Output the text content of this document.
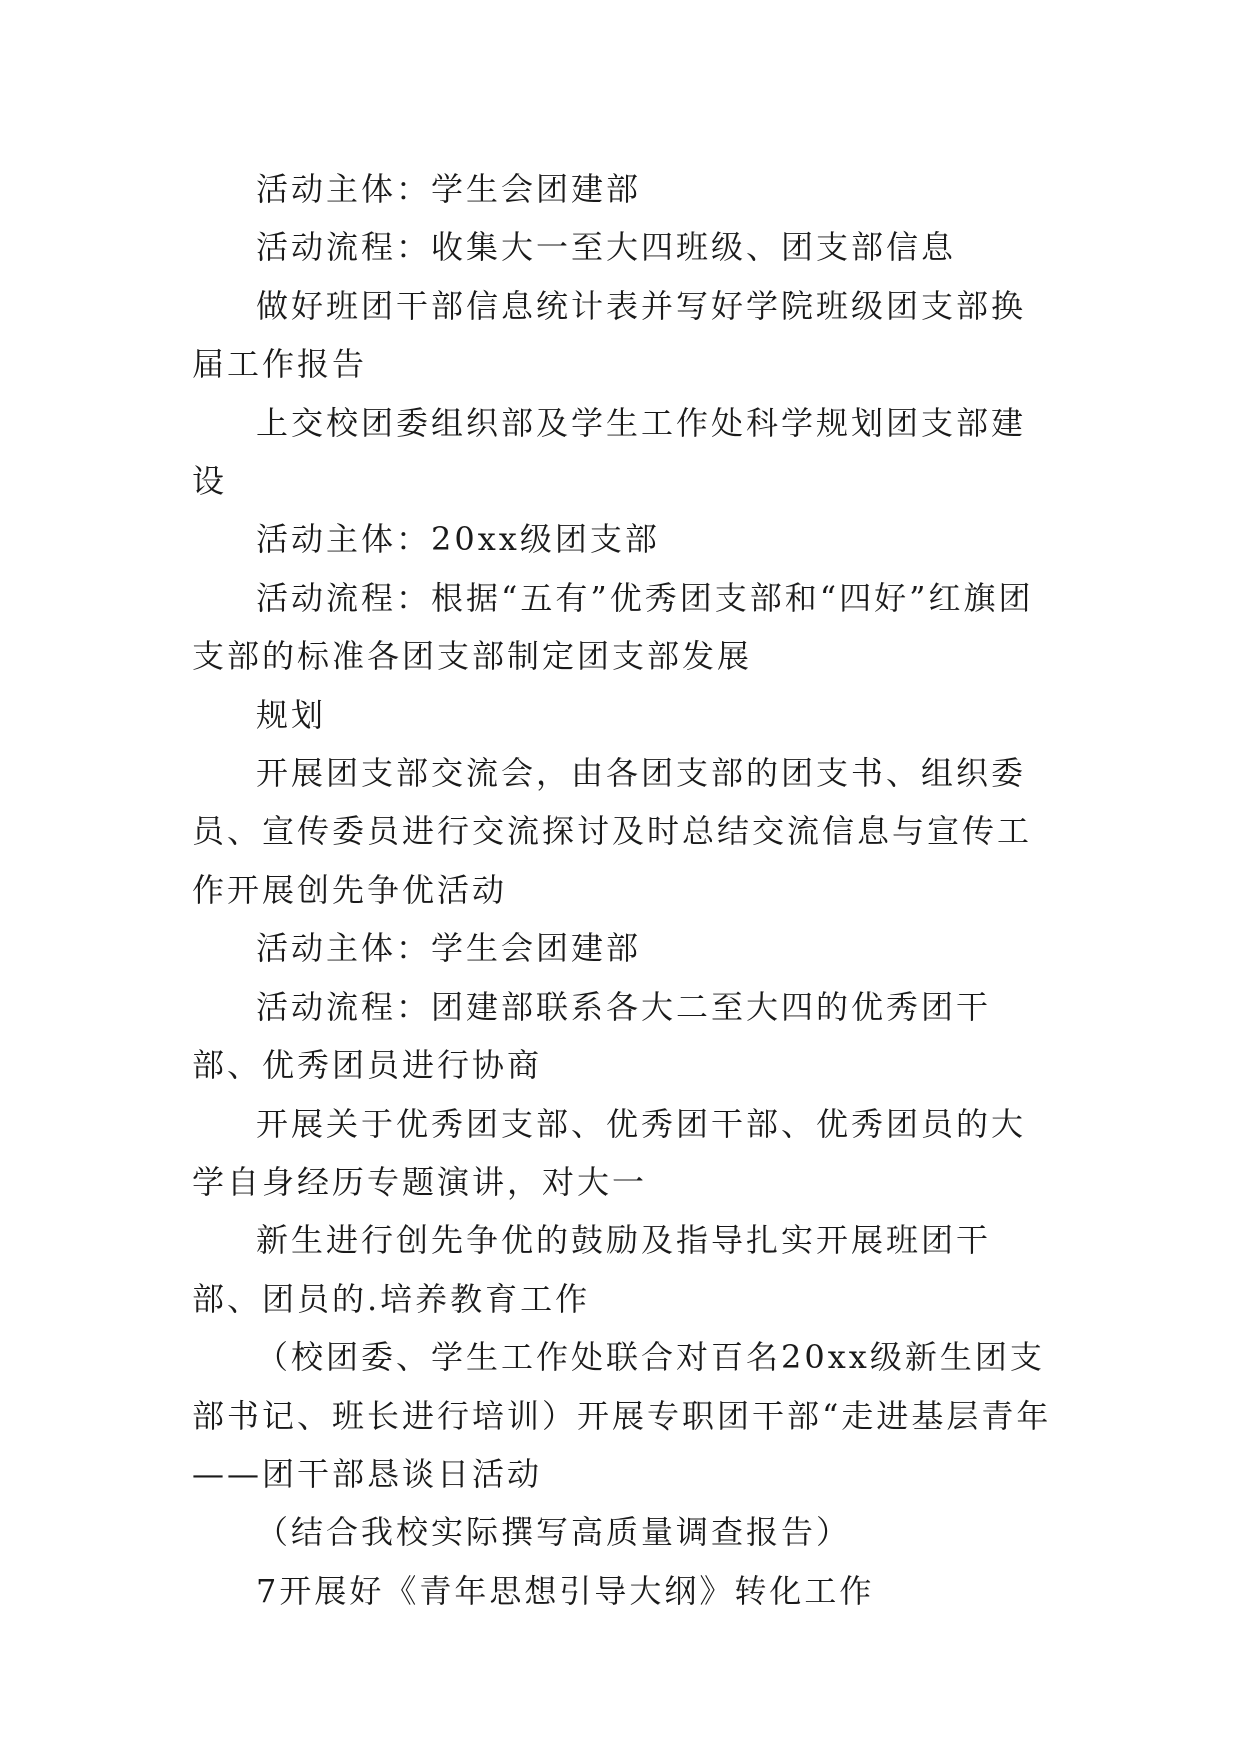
活动主体：学生会团建部

活动流程：收集大一至大四班级、团支部信息

做好班团干部信息统计表并写好学院班级团支部换届工作报告

上交校团委组织部及学生工作处科学规划团支部建设

活动主体：20xx级团支部

活动流程：根据“五有”优秀团支部和“四好”红旗团支部的标准各团支部制定团支部发展

规划

开展团支部交流会，由各团支部的团支书、组织委员、宣传委员进行交流探讨及时总结交流信息与宣传工作开展创先争优活动

活动主体：学生会团建部

活动流程：团建部联系各大二至大四的优秀团干部、优秀团员进行协商

开展关于优秀团支部、优秀团干部、优秀团员的大学自身经历专题演讲，对大一

新生进行创先争优的鼓励及指导扎实开展班团干部、团员的.培养教育工作

（校团委、学生工作处联合对百名20xx级新生团支部书记、班长进行培训）开展专职团干部“走进基层青年——团干部恳谈日活动

（结合我校实际撰写高质量调查报告）

7开展好《青年思想引导大纲》转化工作
